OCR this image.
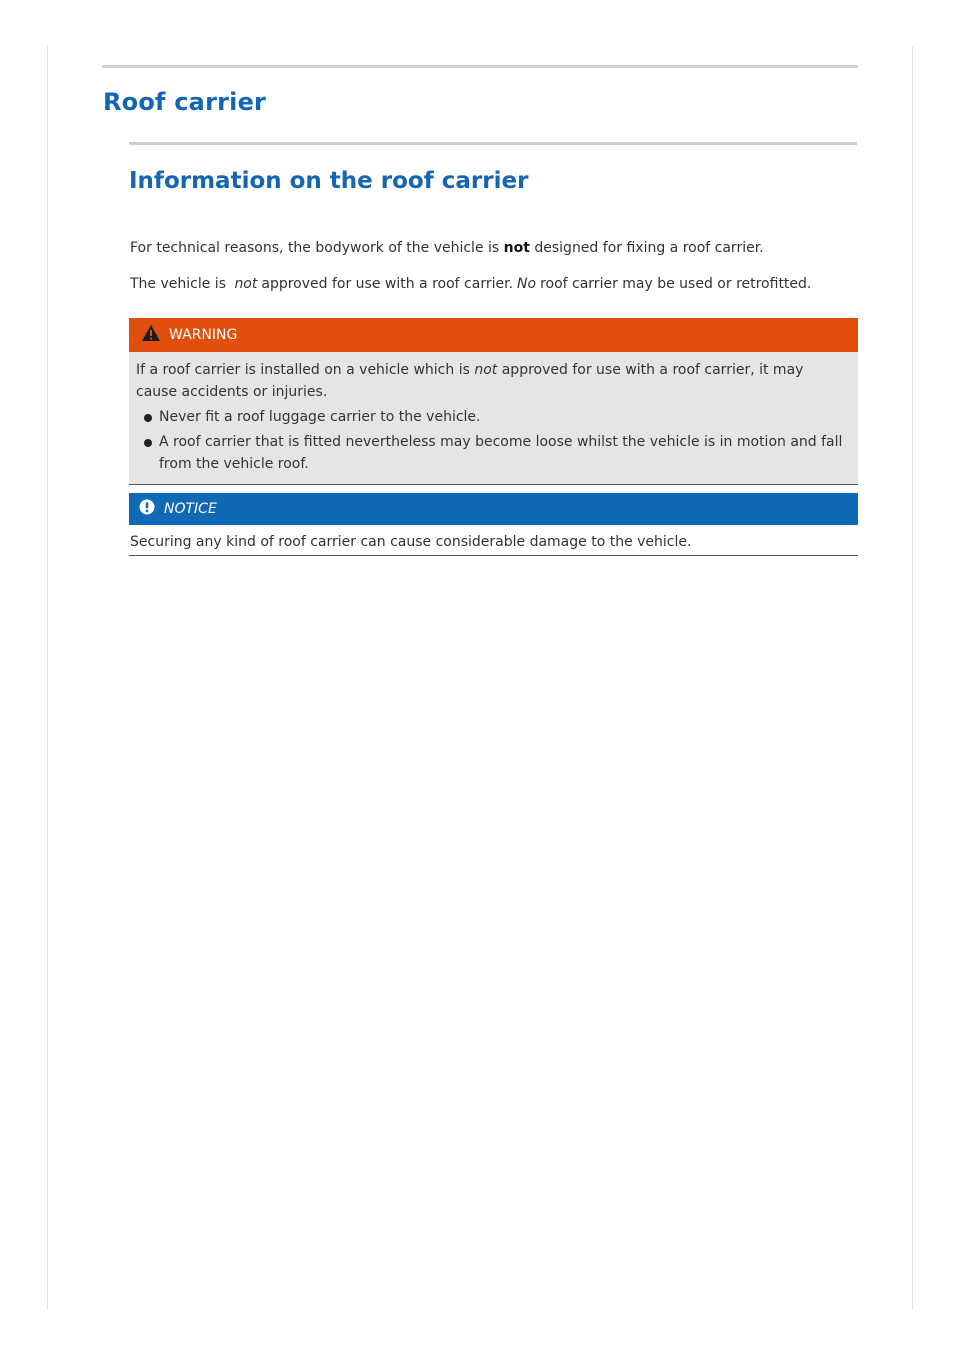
Roof carrier
Information on the roof carrier
For technical reasons, the bodywork of the vehicle is not designed for fixing a roof carrier.
The vehicle is not approved for use with a roof carrier. No roof carrier may be used or retrofitted.
WARNING

If a roof carrier is installed on a vehicle which is not approved for use with a roof carrier, it may cause accidents or injuries.

Never fit a roof luggage carrier to the vehicle.
A roof carrier that is fitted nevertheless may become loose whilst the vehicle is in motion and fall from the vehicle roof.
NOTICE
Securing any kind of roof carrier can cause considerable damage to the vehicle.
